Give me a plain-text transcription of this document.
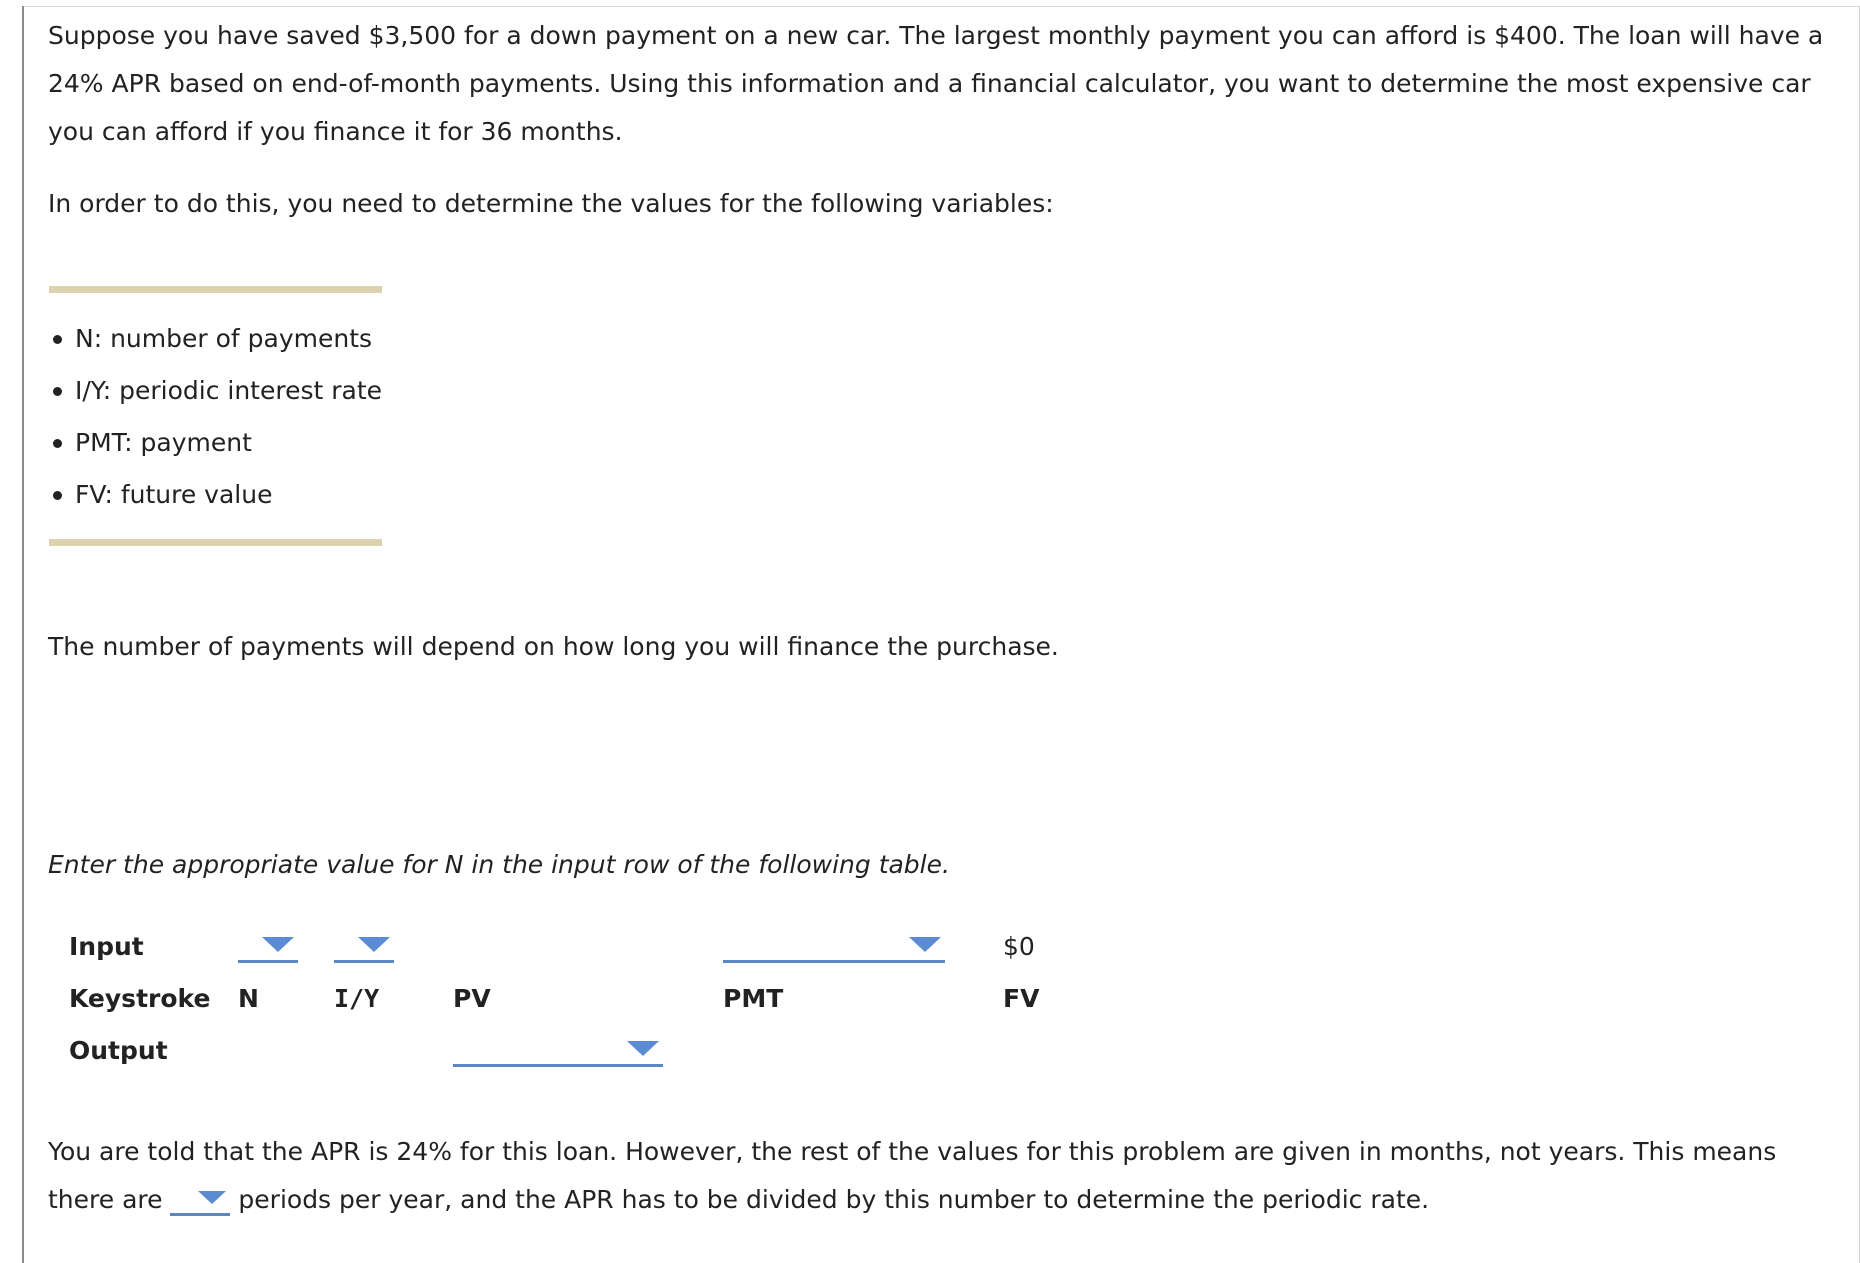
Suppose you have saved $3,500 for a down payment on a new car. The largest monthly payment you can afford is $400. The loan will have a 24% APR based on end-of-month payments. Using this information and a financial calculator, you want to determine the most expensive car you can afford if you finance it for 36 months.

In order to do this, you need to determine the values for the following variables:

N: number of payments
I/Y: periodic interest rate
PMT: payment
FV: future value

The number of payments will depend on how long you will finance the purchase.

Enter the appropriate value for N in the input row of the following table.

Input					$0
Keystroke	N	I/Y	PV	PMT	FV
Output			

You are told that the APR is 24% for this loan. However, the rest of the values for this problem are given in months, not years. This means there are	periods per year, and the APR has to be divided by this number to determine the periodic rate.
